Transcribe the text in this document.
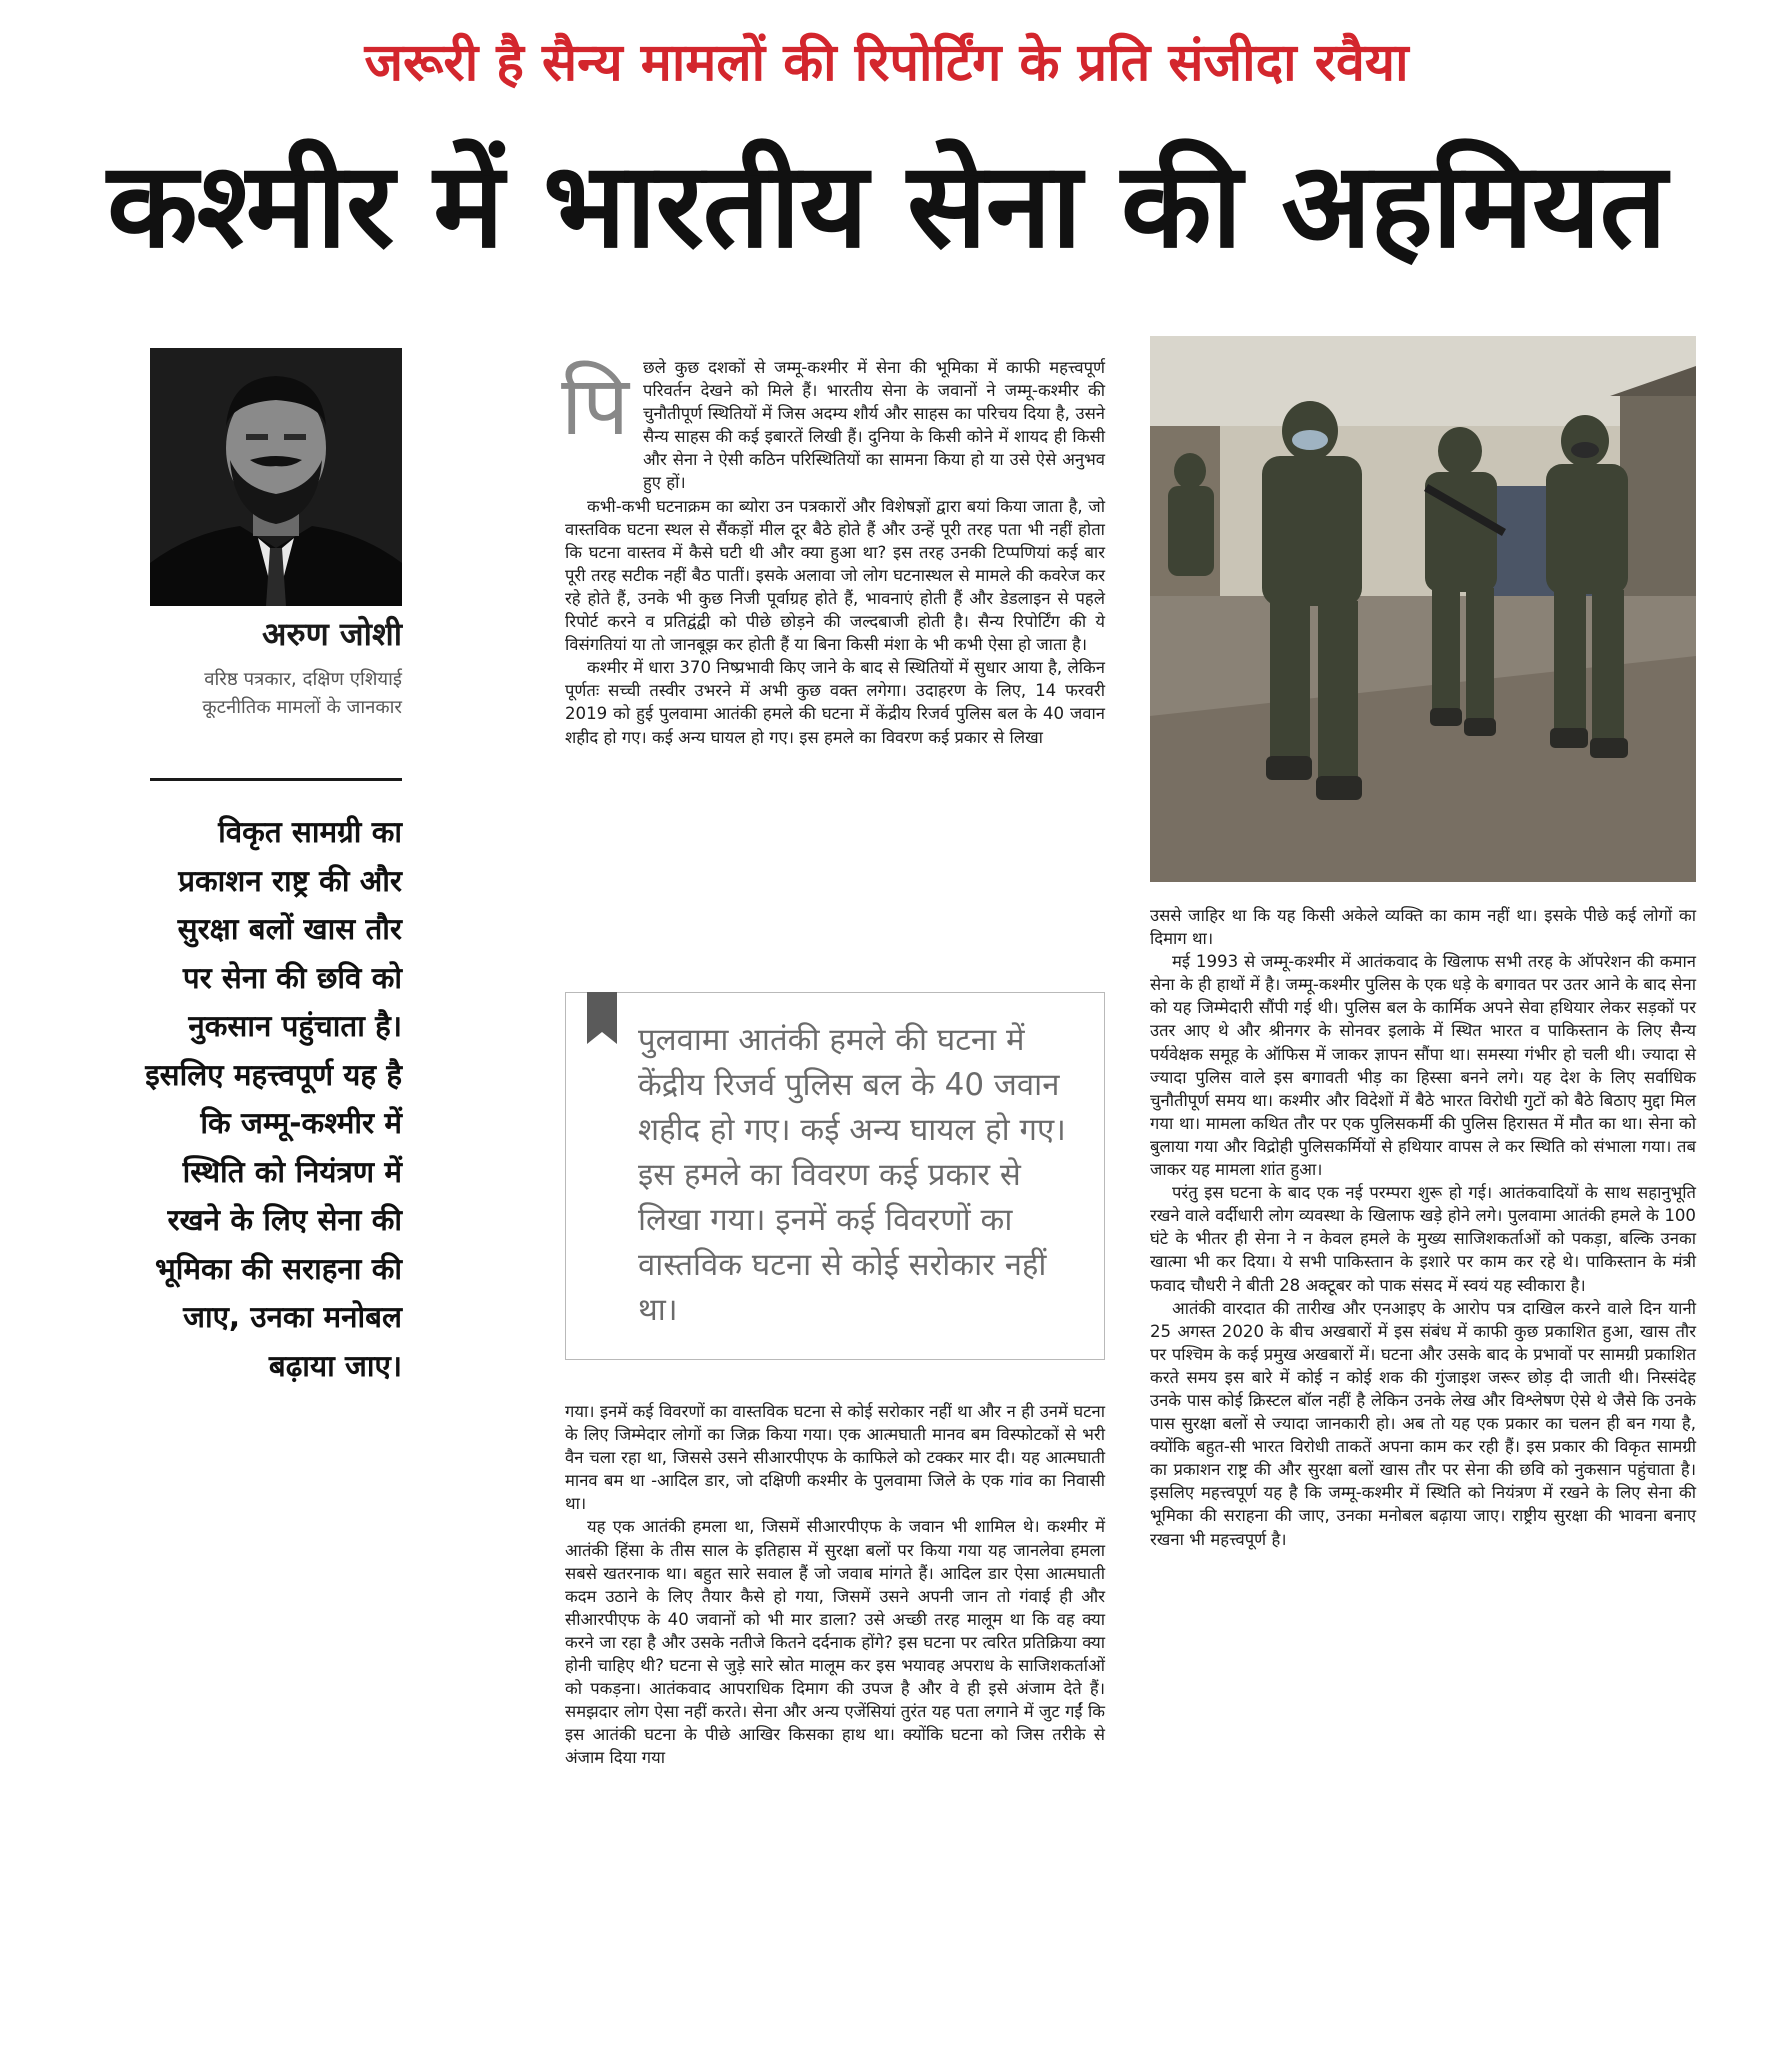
जरूरी है सैन्य मामलों की रिपोर्टिंग के प्रति संजीदा रवैया
कश्मीर में भारतीय सेना की अहमियत
अरुण जोशी
वरिष्ठ पत्रकार, दक्षिण एशियाई
कूटनीतिक मामलों के जानकार
विकृत सामग्री का प्रकाशन राष्ट्र की और सुरक्षा बलों खास तौर पर सेना की छवि को नुकसान पहुंचाता है। इसलिए महत्त्वपूर्ण यह है कि जम्मू-कश्मीर में स्थिति को नियंत्रण में रखने के लिए सेना की भूमिका की सराहना की जाए, उनका मनोबल बढ़ाया जाए।
पि छले कुछ दशकों से जम्मू-कश्मीर में सेना की भूमिका में काफी महत्त्वपूर्ण परिवर्तन देखने को मिले हैं। भारतीय सेना के जवानों ने जम्मू-कश्मीर की चुनौतीपूर्ण स्थितियों में जिस अदम्य शौर्य और साहस का परिचय दिया है, उसने सैन्य साहस की कई इबारतें लिखी हैं। दुनिया के किसी कोने में शायद ही किसी और सेना ने ऐसी कठिन परिस्थितियों का सामना किया हो या उसे ऐसे अनुभव हुए हों।

कभी-कभी घटनाक्रम का ब्योरा उन पत्रकारों और विशेषज्ञों द्वारा बयां किया जाता है, जो वास्तविक घटना स्थल से सैंकड़ों मील दूर बैठे होते हैं और उन्हें पूरी तरह पता भी नहीं होता कि घटना वास्तव में कैसे घटी थी और क्या हुआ था? इस तरह उनकी टिप्पणियां कई बार पूरी तरह सटीक नहीं बैठ पातीं। इसके अलावा जो लोग घटनास्थल से मामले की कवरेज कर रहे होते हैं, उनके भी कुछ निजी पूर्वाग्रह होते हैं, भावनाएं होती हैं और डेडलाइन से पहले रिपोर्ट करने व प्रतिद्वंद्वी को पीछे छोड़ने की जल्दबाजी होती है। सैन्य रिपोर्टिंग की ये विसंगतियां या तो जानबूझ कर होती हैं या बिना किसी मंशा के भी कभी ऐसा हो जाता है।

कश्मीर में धारा 370 निष्प्रभावी किए जाने के बाद से स्थितियों में सुधार आया है, लेकिन पूर्णतः सच्ची तस्वीर उभरने में अभी कुछ वक्त लगेगा। उदाहरण के लिए, 14 फरवरी 2019 को हुई पुलवामा आतंकी हमले की घटना में केंद्रीय रिजर्व पुलिस बल के 40 जवान शहीद हो गए। कई अन्य घायल हो गए। इस हमले का विवरण कई प्रकार से लिखा

पुलवामा आतंकी हमले की घटना में केंद्रीय रिजर्व पुलिस बल के 40 जवान शहीद हो गए। कई अन्य घायल हो गए। इस हमले का विवरण कई प्रकार से लिखा गया। इनमें कई विवरणों का वास्तविक घटना से कोई सरोकार नहीं था।

गया। इनमें कई विवरणों का वास्तविक घटना से कोई सरोकार नहीं था और न ही उनमें घटना के लिए जिम्मेदार लोगों का जिक्र किया गया। एक आत्मघाती मानव बम विस्फोटकों से भरी वैन चला रहा था, जिससे उसने सीआरपीएफ के काफिले को टक्कर मार दी। यह आत्मघाती मानव बम था -आदिल डार, जो दक्षिणी कश्मीर के पुलवामा जिले के एक गांव का निवासी था।

यह एक आतंकी हमला था, जिसमें सीआरपीएफ के जवान भी शामिल थे। कश्मीर में आतंकी हिंसा के तीस साल के इतिहास में सुरक्षा बलों पर किया गया यह जानलेवा हमला सबसे खतरनाक था। बहुत सारे सवाल हैं जो जवाब मांगते हैं। आदिल डार ऐसा आत्मघाती कदम उठाने के लिए तैयार कैसे हो गया, जिसमें उसने अपनी जान तो गंवाई ही और सीआरपीएफ के 40 जवानों को भी मार डाला? उसे अच्छी तरह मालूम था कि वह क्या करने जा रहा है और उसके नतीजे कितने दर्दनाक होंगे? इस घटना पर त्वरित प्रतिक्रिया क्या होनी चाहिए थी? घटना से जुड़े सारे स्रोत मालूम कर इस भयावह अपराध के साजिशकर्ताओं को पकड़ना। आतंकवाद आपराधिक दिमाग की उपज है और वे ही इसे अंजाम देते हैं। समझदार लोग ऐसा नहीं करते। सेना और अन्य एजेंसियां तुरंत यह पता लगाने में जुट गईं कि इस आतंकी घटना के पीछे आखिर किसका हाथ था। क्योंकि घटना को जिस तरीके से अंजाम दिया गया

उससे जाहिर था कि यह किसी अकेले व्यक्ति का काम नहीं था। इसके पीछे कई लोगों का दिमाग था।

मई 1993 से जम्मू-कश्मीर में आतंकवाद के खिलाफ सभी तरह के ऑपरेशन की कमान सेना के ही हाथों में है। जम्मू-कश्मीर पुलिस के एक धड़े के बगावत पर उतर आने के बाद सेना को यह जिम्मेदारी सौंपी गई थी। पुलिस बल के कार्मिक अपने सेवा हथियार लेकर सड़कों पर उतर आए थे और श्रीनगर के सोनवर इलाके में स्थित भारत व पाकिस्तान के लिए सैन्य पर्यवेक्षक समूह के ऑफिस में जाकर ज्ञापन सौंपा था। समस्या गंभीर हो चली थी। ज्यादा से ज्यादा पुलिस वाले इस बगावती भीड़ का हिस्सा बनने लगे। यह देश के लिए सर्वाधिक चुनौतीपूर्ण समय था। कश्मीर और विदेशों में बैठे भारत विरोधी गुटों को बैठे बिठाए मुद्दा मिल गया था। मामला कथित तौर पर एक पुलिसकर्मी की पुलिस हिरासत में मौत का था। सेना को बुलाया गया और विद्रोही पुलिसकर्मियों से हथियार वापस ले कर स्थिति को संभाला गया। तब जाकर यह मामला शांत हुआ।

परंतु इस घटना के बाद एक नई परम्परा शुरू हो गई। आतंकवादियों के साथ सहानुभूति रखने वाले वर्दीधारी लोग व्यवस्था के खिलाफ खड़े होने लगे। पुलवामा आतंकी हमले के 100 घंटे के भीतर ही सेना ने न केवल हमले के मुख्य साजिशकर्ताओं को पकड़ा, बल्कि उनका खात्मा भी कर दिया। ये सभी पाकिस्तान के इशारे पर काम कर रहे थे। पाकिस्तान के मंत्री फवाद चौधरी ने बीती 28 अक्टूबर को पाक संसद में स्वयं यह स्वीकारा है।

आतंकी वारदात की तारीख और एनआइए के आरोप पत्र दाखिल करने वाले दिन यानी 25 अगस्त 2020 के बीच अखबारों में इस संबंध में काफी कुछ प्रकाशित हुआ, खास तौर पर पश्चिम के कई प्रमुख अखबारों में। घटना और उसके बाद के प्रभावों पर सामग्री प्रकाशित करते समय इस बारे में कोई न कोई शक की गुंजाइश जरूर छोड़ दी जाती थी। निस्संदेह उनके पास कोई क्रिस्टल बॉल नहीं है लेकिन उनके लेख और विश्लेषण ऐसे थे जैसे कि उनके पास सुरक्षा बलों से ज्यादा जानकारी हो। अब तो यह एक प्रकार का चलन ही बन गया है, क्योंकि बहुत-सी भारत विरोधी ताकतें अपना काम कर रही हैं। इस प्रकार की विकृत सामग्री का प्रकाशन राष्ट्र की और सुरक्षा बलों खास तौर पर सेना की छवि को नुकसान पहुंचाता है। इसलिए महत्त्वपूर्ण यह है कि जम्मू-कश्मीर में स्थिति को नियंत्रण में रखने के लिए सेना की भूमिका की सराहना की जाए, उनका मनोबल बढ़ाया जाए। राष्ट्रीय सुरक्षा की भावना बनाए रखना भी महत्त्वपूर्ण है।
